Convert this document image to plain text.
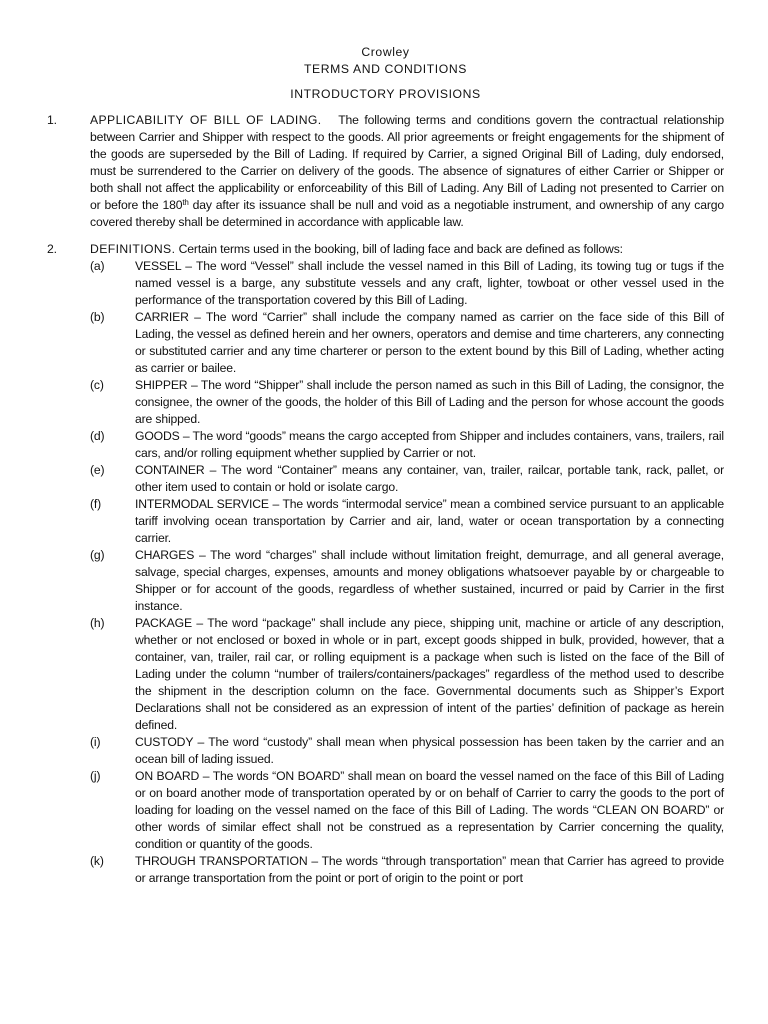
Crowley
TERMS AND CONDITIONS
INTRODUCTORY PROVISIONS
1.	APPLICABILITY OF BILL OF LADING. The following terms and conditions govern the contractual relationship between Carrier and Shipper with respect to the goods. All prior agreements or freight engagements for the shipment of the goods are superseded by the Bill of Lading. If required by Carrier, a signed Original Bill of Lading, duly endorsed, must be surrendered to the Carrier on delivery of the goods. The absence of signatures of either Carrier or Shipper or both shall not affect the applicability or enforceability of this Bill of Lading. Any Bill of Lading not presented to Carrier on or before the 180th day after its issuance shall be null and void as a negotiable instrument, and ownership of any cargo covered thereby shall be determined in accordance with applicable law.
2.	DEFINITIONS. Certain terms used in the booking, bill of lading face and back are defined as follows:
(a)	VESSEL – The word “Vessel” shall include the vessel named in this Bill of Lading, its towing tug or tugs if the named vessel is a barge, any substitute vessels and any craft, lighter, towboat or other vessel used in the performance of the transportation covered by this Bill of Lading.
(b)	CARRIER – The word “Carrier” shall include the company named as carrier on the face side of this Bill of Lading, the vessel as defined herein and her owners, operators and demise and time charterers, any connecting or substituted carrier and any time charterer or person to the extent bound by this Bill of Lading, whether acting as carrier or bailee.
(c)	SHIPPER – The word “Shipper” shall include the person named as such in this Bill of Lading, the consignor, the consignee, the owner of the goods, the holder of this Bill of Lading and the person for whose account the goods are shipped.
(d)	GOODS – The word “goods” means the cargo accepted from Shipper and includes containers, vans, trailers, rail cars, and/or rolling equipment whether supplied by Carrier or not.
(e)	CONTAINER – The word “Container” means any container, van, trailer, railcar, portable tank, rack, pallet, or other item used to contain or hold or isolate cargo.
(f)	INTERMODAL SERVICE – The words “intermodal service” mean a combined service pursuant to an applicable tariff involving ocean transportation by Carrier and air, land, water or ocean transportation by a connecting carrier.
(g)	CHARGES – The word “charges” shall include without limitation freight, demurrage, and all general average, salvage, special charges, expenses, amounts and money obligations whatsoever payable by or chargeable to Shipper or for account of the goods, regardless of whether sustained, incurred or paid by Carrier in the first instance.
(h)	PACKAGE – The word “package” shall include any piece, shipping unit, machine or article of any description, whether or not enclosed or boxed in whole or in part, except goods shipped in bulk, provided, however, that a container, van, trailer, rail car, or rolling equipment is a package when such is listed on the face of the Bill of Lading under the column “number of trailers/containers/packages” regardless of the method used to describe the shipment in the description column on the face. Governmental documents such as Shipper’s Export Declarations shall not be considered as an expression of intent of the parties’ definition of package as herein defined.
(i)	CUSTODY – The word “custody” shall mean when physical possession has been taken by the carrier and an ocean bill of lading issued.
(j)	ON BOARD – The words “ON BOARD” shall mean on board the vessel named on the face of this Bill of Lading or on board another mode of transportation operated by or on behalf of Carrier to carry the goods to the port of loading for loading on the vessel named on the face of this Bill of Lading. The words “CLEAN ON BOARD” or other words of similar effect shall not be construed as a representation by Carrier concerning the quality, condition or quantity of the goods.
(k)	THROUGH TRANSPORTATION – The words “through transportation” mean that Carrier has agreed to provide or arrange transportation from the point or port of origin to the point or port
